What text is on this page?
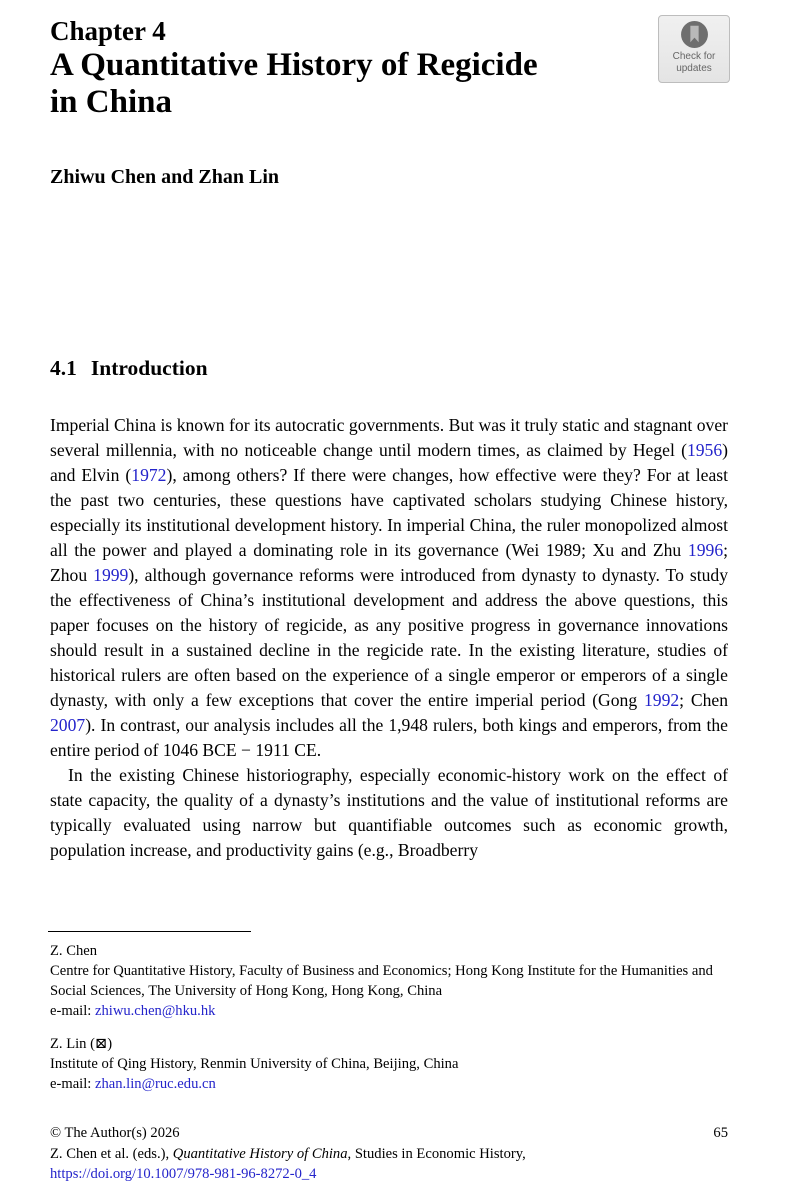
Chapter 4
A Quantitative History of Regicide
in China
Zhiwu Chen and Zhan Lin
Check for
updates
4.1 Introduction

Imperial China is known for its autocratic governments. But was it truly static and stagnant over several millennia, with no noticeable change until modern times, as claimed by Hegel (1956) and Elvin (1972), among others? If there were changes, how effective were they? For at least the past two centuries, these questions have captivated scholars studying Chinese history, especially its institutional development history. In imperial China, the ruler monopolized almost all the power and played a dominating role in its governance (Wei 1989; Xu and Zhu 1996; Zhou 1999), although governance reforms were introduced from dynasty to dynasty. To study the effectiveness of China’s institutional development and address the above questions, this paper focuses on the history of regicide, as any positive progress in governance innovations should result in a sustained decline in the regicide rate. In the existing literature, studies of historical rulers are often based on the experience of a single emperor or emperors of a single dynasty, with only a few exceptions that cover the entire imperial period (Gong 1992; Chen 2007). In contrast, our analysis includes all the 1,948 rulers, both kings and emperors, from the entire period of 1046 BCE − 1911 CE.

In the existing Chinese historiography, especially economic-history work on the effect of state capacity, the quality of a dynasty’s institutions and the value of institutional reforms are typically evaluated using narrow but quantifiable outcomes such as economic growth, population increase, and productivity gains (e.g., Broadberry

Z. Chen
Centre for Quantitative History, Faculty of Business and Economics; Hong Kong Institute for the Humanities and Social Sciences, The University of Hong Kong, Hong Kong, China
e-mail: zhiwu.chen@hku.hk
Z. Lin (⊠)
Institute of Qing History, Renmin University of China, Beijing, China
e-mail: zhan.lin@ruc.edu.cn
© The Author(s) 2026	65
Z. Chen et al. (eds.), Quantitative History of China, Studies in Economic History,
https://doi.org/10.1007/978-981-96-8272-0_4
